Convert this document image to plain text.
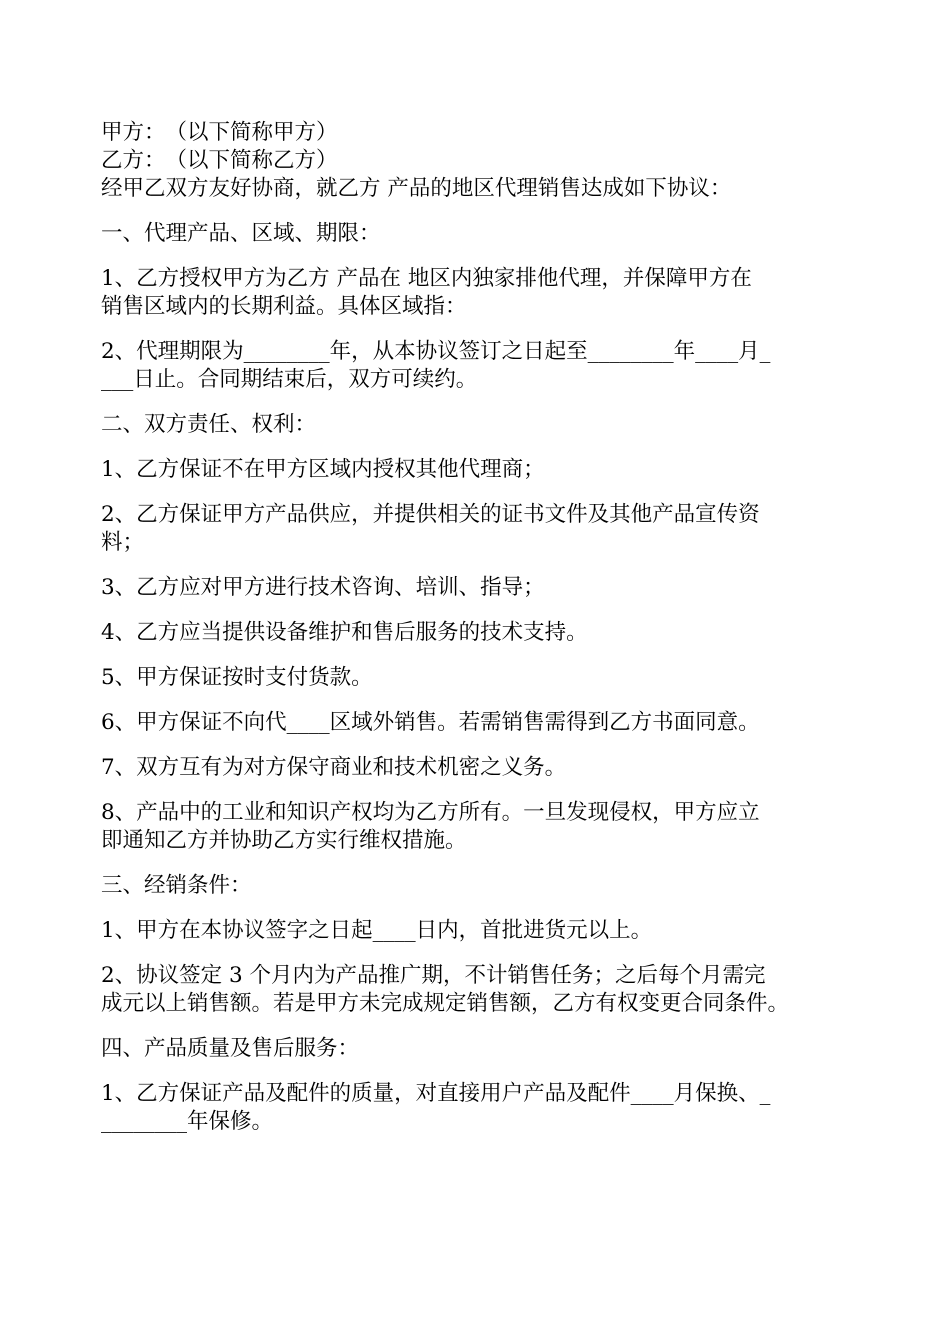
甲方：　（以下简称甲方）
乙方：　（以下简称乙方）
经甲乙双方友好协商，就乙方 产品的地区代理销售达成如下协议：
一、代理产品、区域、期限：
1、乙方授权甲方为乙方 产品在 地区内独家排他代理，并保障甲方在
销售区域内的长期利益。具体区域指：
2、代理期限为________年，从本协议签订之日起至________年____月_
___日止。合同期结束后，双方可续约。
二、双方责任、权利：
1、乙方保证不在甲方区域内授权其他代理商；
2、乙方保证甲方产品供应，并提供相关的证书文件及其他产品宣传资
料；
3、乙方应对甲方进行技术咨询、培训、指导；
4、乙方应当提供设备维护和售后服务的技术支持。
5、甲方保证按时支付货款。
6、甲方保证不向代____区域外销售。若需销售需得到乙方书面同意。
7、双方互有为对方保守商业和技术机密之义务。
8、产品中的工业和知识产权均为乙方所有。一旦发现侵权，甲方应立
即通知乙方并协助乙方实行维权措施。
三、经销条件：
1、甲方在本协议签字之日起____日内，首批进货元以上。
2、协议签定 3 个月内为产品推广期，不计销售任务；之后每个月需完
成元以上销售额。若是甲方未完成规定销售额，乙方有权变更合同条件。
四、产品质量及售后服务：
1、乙方保证产品及配件的质量，对直接用户产品及配件____月保换、_
________年保修。
